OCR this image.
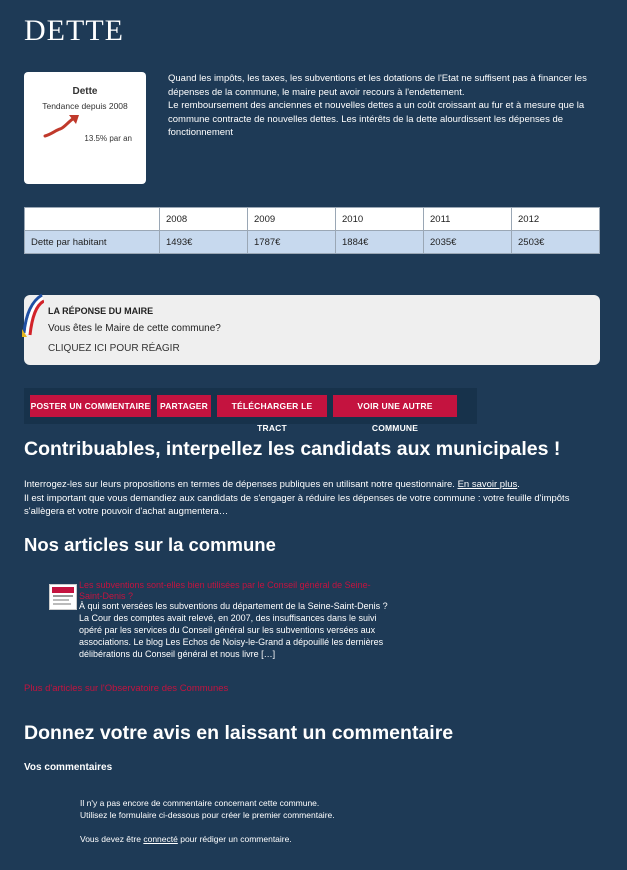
DETTE
Dette
Tendance depuis 2008
13.5% par an

Quand les impôts, les taxes, les subventions et les dotations de l'Etat ne suffisent pas à financer les dépenses de la commune, le maire peut avoir recours à l'endettement.

Le remboursement des anciennes et nouvelles dettes a un coût croissant au fur et à mesure que la commune contracte de nouvelles dettes. Les intérêts de la dette alourdissent les dépenses de fonctionnement

	2008	2009	2010	2011	2012
Dette par habitant	1493€	1787€	1884€	2035€	2503€
LA RÉPONSE DU MAIRE
Vous êtes le Maire de cette commune?
CLIQUEZ ICI POUR RÉAGIR
POSTER UN COMMENTAIRE	PARTAGER	TÉLÉCHARGER LE TRACT
VOIR UNE AUTRE COMMUNE
Contribuables, interpellez les candidats aux municipales !
Interrogez-les sur leurs propositions en termes de dépenses publiques en utilisant notre questionnaire. En savoir plus.
Il est important que vous demandiez aux candidats de s'engager à réduire les dépenses de votre commune : votre feuille d'impôts s'allègera et votre pouvoir d'achat augmentera…
Nos articles sur la commune
Les subventions sont-elles bien utilisées par le Conseil général de Seine-Saint-Denis ?
À qui sont versées les subventions du département de la Seine-Saint-Denis ? La Cour des comptes avait relevé, en 2007, des insuffisances dans le suivi opéré par les services du Conseil général sur les subventions versées aux associations. Le blog Les Echos de Noisy-le-Grand a dépouillé les dernières délibérations du Conseil général et nous livre […]
Plus d'articles sur l'Observatoire des Communes
Donnez votre avis en laissant un commentaire
Vos commentaires
Il n'y a pas encore de commentaire concernant cette commune.
Utilisez le formulaire ci-dessous pour créer le premier commentaire.
Vous devez être connecté pour rédiger un commentaire.
